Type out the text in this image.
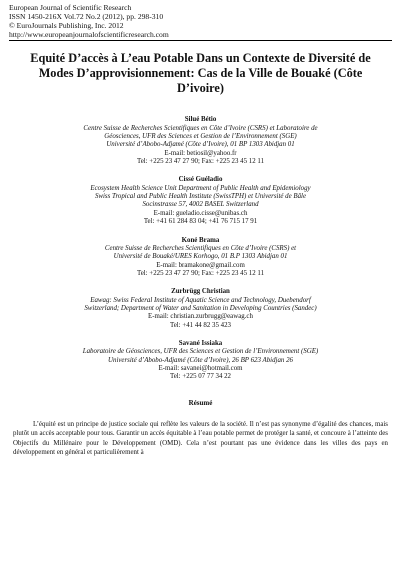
European Journal of Scientific Research
ISSN 1450-216X Vol.72 No.2 (2012), pp. 298-310
© EuroJournals Publishing, Inc. 2012
http://www.europeanjournalofscientificresearch.com
Equité D’accès à L’eau Potable Dans un Contexte de Diversité de Modes D’approvisionnement: Cas de la Ville de Bouaké (Côte D’ivoire)
Silué Bétio
Centre Suisse de Recherches Scientifiques en Côte d’Ivoire (CSRS) et Laboratoire de
Géosciences, UFR des Sciences et Gestion de l’Environnement (SGE)
Université d’Abobo-Adjamé (Côte d’Ivoire), 01 BP 1303 Abidjan 01
E-mail: betiosil@yahoo.fr
Tel: +225 23 47 27 90; Fax: +225 23 45 12 11
Cissé Guéladio
Ecosystem Health Science Unit Department of Public Health and Epidemiology
Swiss Tropical and Public Health Institute (SwissTPH) et Université de Bâle
Socinstrasse 57, 4002 BASEL Switzerland
E-mail: gueladio.cisse@unibas.ch
Tel: +41 61 284 83 04; +41 76 715 17 91
Koné Brama
Centre Suisse de Recherches Scientifiques en Côte d’Ivoire (CSRS) et
Université de Bouaké/URES Korhogo, 01 B.P 1303 Abidjan 01
E-mail: bramakone@gmail.com
Tel: +225 23 47 27 90; Fax: +225 23 45 12 11
Zurbrügg Christian
Eawag: Swiss Federal Institute of Aquatic Science and Technology, Duebendorf
Switzerland; Department of Water and Sanitation in Developing Countries (Sandec)
E-mail: christian.zurbrugg@eawag.ch
Tel: +41 44 82 35 423
Savané Issiaka
Laboratoire de Géosciences, UFR des Sciences et Gestion de l’Environnement (SGE)
Université d’Abobo-Adjamé (Côte d’Ivoire), 26 BP 623 Abidjan 26
E-mail: savanei@hotmail.com
Tel: +225 07 77 34 22
Résumé
L’équité est un principe de justice sociale qui reflète les valeurs de la société. Il n’est pas synonyme d’égalité des chances, mais plutôt un accès acceptable pour tous. Garantir un accès équitable à l’eau potable permet de protéger la santé, et concoure à l’atteinte des Objectifs du Millénaire pour le Développement (OMD). Cela n’est pourtant pas une évidence dans les villes des pays en développement en général et particulièrement à
